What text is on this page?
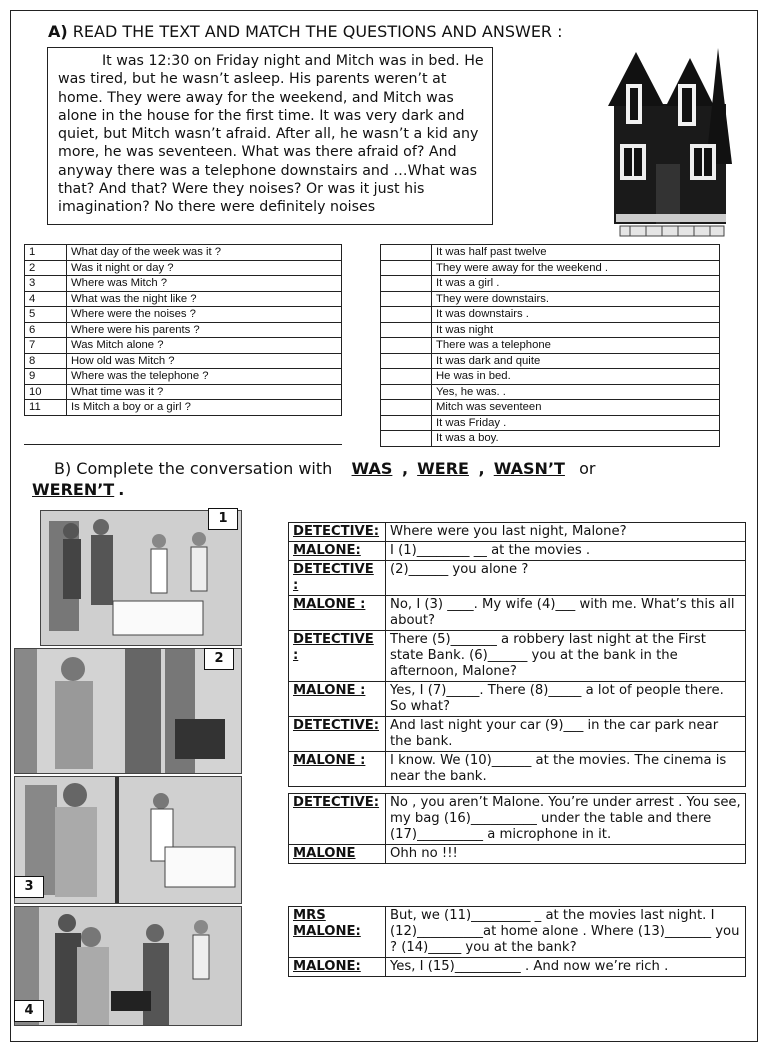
A) READ THE TEXT AND MATCH THE QUESTIONS AND ANSWER :
It was 12:30 on Friday night and Mitch was in bed. He was tired, but he wasn’t asleep. His parents weren’t at home. They were away for the weekend, and Mitch was alone in the house for the first time. It was very dark and quiet, but Mitch wasn’t afraid. After all, he wasn’t a kid any more, he was seventeen. What was there afraid of? And anyway there was a telephone downstairs and …What was that? And that? Were they noises? Or was it just his imagination? No there were definitely noises
1	What day of the week was it ?
2	Was it night or day ?
3	Where was Mitch ?
4	What was the night like ?
5	Where were the noises ?
6	Where were his parents ?
7	Was Mitch alone ?
8	How old was Mitch ?
9	Where was the telephone ?
10	What time was it ?
11	Is Mitch a boy or a girl ?
	It was half past twelve
	They were away for the weekend .
	It was a girl .
	They were downstairs.
	It was downstairs .
	It was night
	There was a telephone
	It was dark and quite
	He was in bed.
	Yes, he was. .
	Mitch was seventeen
	It was Friday .
	It was a boy.
B) Complete the conversation with WAS , WERE , WASN’T  or
WEREN’T .
1
2
3
4
DETECTIVE:	Where were you last night, Malone?
MALONE:	I (1)________ __ at the movies .
DETECTIVE :	(2)______ you alone ?
MALONE :	No, I (3) ____. My wife (4)___ with me. What’s this all about?
DETECTIVE :	There (5)_______ a robbery last night at the First state Bank. (6)______ you at the bank in the afternoon, Malone?
MALONE :	Yes, I (7)_____. There (8)_____ a lot of people there. So what?
DETECTIVE:	And last night your car (9)___ in the car park near the bank.
MALONE :	I know. We (10)______ at the movies. The cinema is near the bank.
DETECTIVE:	No , you aren’t Malone. You’re under arrest . You see, my bag (16)__________ under the table and there (17)__________ a microphone in it.
MALONE	Ohh no !!!
MRS MALONE:	But, we (11)_________ _ at the movies last night. I (12)__________at home alone . Where (13)_______ you ? (14)_____ you at the bank?
MALONE:	Yes, I (15)__________ . And now we’re rich .
